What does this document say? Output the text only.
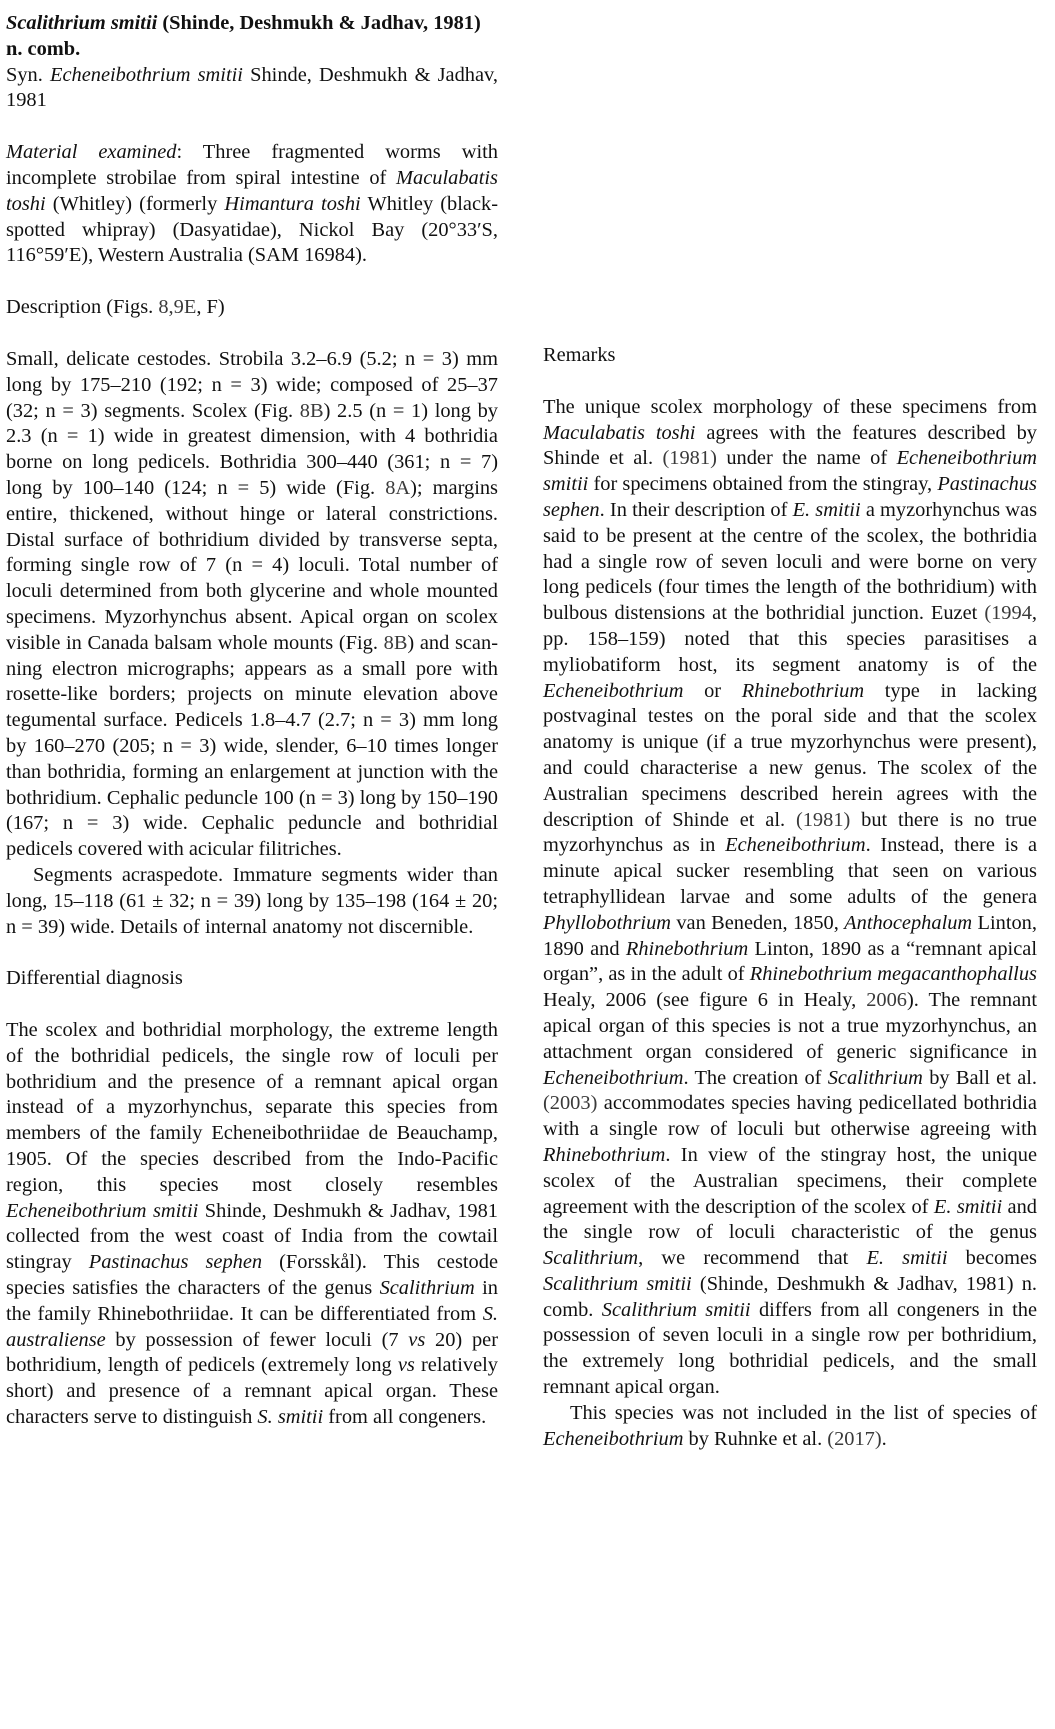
Scalithrium smitii (Shinde, Deshmukh & Jadhav, 1981) n. comb.

Syn. Echeneibothrium smitii Shinde, Deshmukh & Jadhav, 1981

Material examined: Three fragmented worms with incomplete strobilae from spiral intestine of Maculabatis toshi (Whitley) (formerly Himantura toshi Whitley (black-spotted whipray) (Dasyatidae), Nickol Bay (20°33′S, 116°59′E), Western Australia (SAM 16984).

Description (Figs. 8,9E, F)

Small, delicate cestodes. Strobila 3.2–6.9 (5.2; n = 3) mm long by 175–210 (192; n = 3) wide; composed of 25–37 (32; n = 3) segments. Scolex (Fig. 8B) 2.5 (n = 1) long by 2.3 (n = 1) wide in greatest dimension, with 4 bothridia borne on long pedicels. Bothridia 300–440 (361; n = 7) long by 100–140 (124; n = 5) wide (Fig. 8A); margins entire, thickened, without hinge or lateral constrictions. Distal surface of bothridium divided by transverse septa, forming single row of 7 (n = 4) loculi. Total number of loculi determined from both glycerine and whole mounted specimens. Myzorhynchus absent. Apical organ on scolex visible in Canada balsam whole mounts (Fig. 8B) and scanning electron micrographs; appears as a small pore with rosette-like borders; projects on minute elevation above tegumental surface. Pedicels 1.8–4.7 (2.7; n = 3) mm long by 160–270 (205; n = 3) wide, slender, 6–10 times longer than bothridia, forming an enlargement at junction with the bothridium. Cephalic peduncle 100 (n = 3) long by 150–190 (167; n = 3) wide. Cephalic peduncle and bothridial pedicels covered with acicular filitriches.

Segments acraspedote. Immature segments wider than long, 15–118 (61 ± 32; n = 39) long by 135–198 (164 ± 20; n = 39) wide. Details of internal anatomy not discernible.

Differential diagnosis

The scolex and bothridial morphology, the extreme length of the bothridial pedicels, the single row of loculi per bothridium and the presence of a remnant apical organ instead of a myzorhynchus, separate this species from members of the family Echeneibothriidae de Beauchamp, 1905. Of the species described from the Indo-Pacific region, this species most closely resembles Echeneibothrium smitii Shinde, Deshmukh & Jadhav, 1981 collected from the west coast of India from the cowtail stingray Pastinachus sephen (Forsskål). This cestode species satisfies the characters of the genus Scalithrium in the family Rhinebothriidae. It can be differentiated from S. australiense by possession of fewer loculi (7 vs 20) per bothridium, length of pedicels (extremely long vs relatively short) and presence of a remnant apical organ. These characters serve to distinguish S. smitii from all congeners.

Remarks

The unique scolex morphology of these specimens from Maculabatis toshi agrees with the features described by Shinde et al. (1981) under the name of Echeneibothrium smitii for specimens obtained from the stingray, Pastinachus sephen. In their description of E. smitii a myzorhynchus was said to be present at the centre of the scolex, the bothridia had a single row of seven loculi and were borne on very long pedicels (four times the length of the bothridium) with bulbous distensions at the bothridial junction. Euzet (1994, pp. 158–159) noted that this species parasitises a myliobatiform host, its segment anatomy is of the Echeneibothrium or Rhinebothrium type in lacking postvaginal testes on the poral side and that the scolex anatomy is unique (if a true myzorhynchus were present), and could characterise a new genus. The scolex of the Australian specimens described herein agrees with the description of Shinde et al. (1981) but there is no true myzorhynchus as in Echeneibothrium. Instead, there is a minute apical sucker resembling that seen on various tetraphyllidean larvae and some adults of the genera Phyllobothrium van Beneden, 1850, Anthocephalum Linton, 1890 and Rhinebothrium Linton, 1890 as a “remnant apical organ”, as in the adult of Rhinebothrium megacanthophallus Healy, 2006 (see figure 6 in Healy, 2006). The remnant apical organ of this species is not a true myzorhynchus, an attachment organ considered of generic significance in Echeneibothrium. The creation of Scalithrium by Ball et al. (2003) accommodates species having pedicellated bothridia with a single row of loculi but otherwise agreeing with Rhinebothrium. In view of the stingray host, the unique scolex of the Australian specimens, their complete agreement with the description of the scolex of E. smitii and the single row of loculi characteristic of the genus Scalithrium, we recommend that E. smitii becomes Scalithrium smitii (Shinde, Deshmukh & Jadhav, 1981) n. comb. Scalithrium smitii differs from all congeners in the possession of seven loculi in a single row per bothridium, the extremely long bothridial pedicels, and the small remnant apical organ.

This species was not included in the list of species of Echeneibothrium by Ruhnke et al. (2017).
